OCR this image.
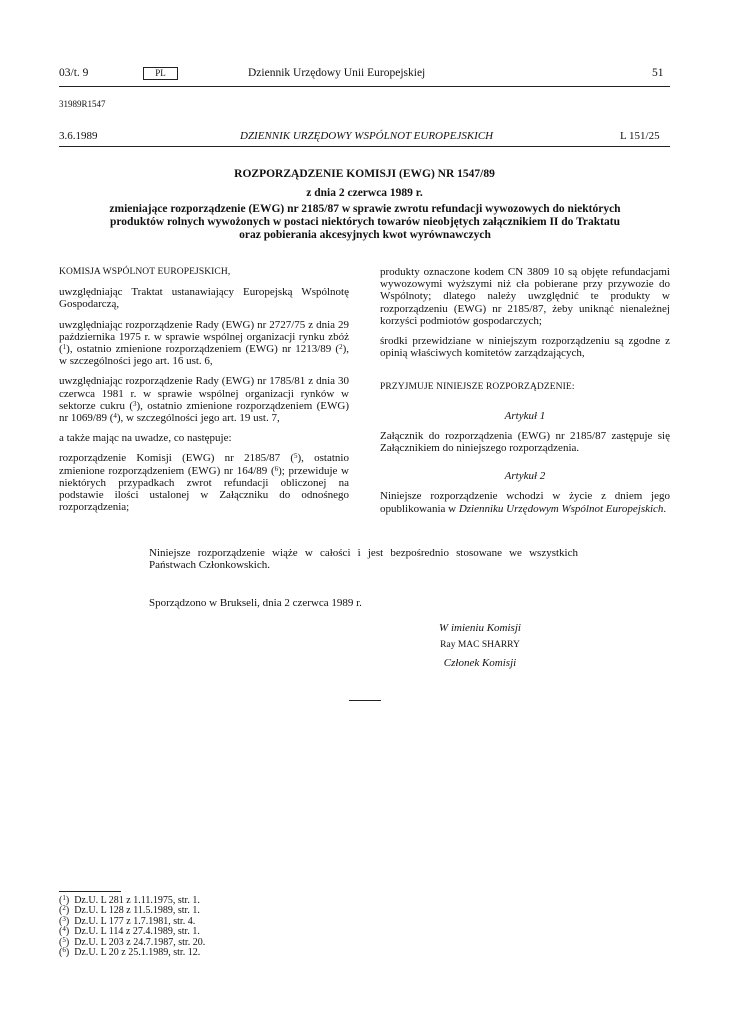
03/t. 9	PL	Dziennik Urzędowy Unii Europejskiej	51
31989R1547
3.6.1989	DZIENNIK URZĘDOWY WSPÓLNOT EUROPEJSKICH	L 151/25
ROZPORZĄDZENIE KOMISJI (EWG) NR 1547/89
z dnia 2 czerwca 1989 r.
zmieniające rozporządzenie (EWG) nr 2185/87 w sprawie zwrotu refundacji wywozowych do niektórych produktów rolnych wywożonych w postaci niektórych towarów nieobjętych załącznikiem II do Traktatu oraz pobierania akcesyjnych kwot wyrównawczych

KOMISJA WSPÓLNOT EUROPEJSKICH,

uwzględniając Traktat ustanawiający Europejską Wspólnotę Gospodarczą,

uwzględniając rozporządzenie Rady (EWG) nr 2727/75 z dnia 29 października 1975 r. w sprawie wspólnej organizacji rynku zbóż ($^1$), ostatnio zmienione rozporządzeniem (EWG) nr 1213/89 ($^2$), w szczególności jego art. 16 ust. 6,

uwzględniając rozporządzenie Rady (EWG) nr 1785/81 z dnia 30 czerwca 1981 r. w sprawie wspólnej organizacji rynków w sektorze cukru ($^3$), ostatnio zmienione rozporządzeniem (EWG) nr 1069/89 ($^4$), w szczególności jego art. 19 ust. 7,

a także mając na uwadze, co następuje:

rozporządzenie Komisji (EWG) nr 2185/87 ($^5$), ostatnio zmienione rozporządzeniem (EWG) nr 164/89 ($^6$); przewiduje w niektórych przypadkach zwrot refundacji obliczonej na podstawie ilości ustalonej w Załączniku do odnośnego rozporządzenia;

produkty oznaczone kodem CN 3809 10 są objęte refundacjami wywozowymi wyższymi niż cła pobierane przy przywozie do Wspólnoty; dlatego należy uwzględnić te produkty w rozporządzeniu (EWG) nr 2185/87, żeby uniknąć nienależnej korzyści podmiotów gospodarczych;

środki przewidziane w niniejszym rozporządzeniu są zgodne z opinią właściwych komitetów zarządzających,

PRZYJMUJE NINIEJSZE ROZPORZĄDZENIE:

Artykuł 1

Załącznik do rozporządzenia (EWG) nr 2185/87 zastępuje się Załącznikiem do niniejszego rozporządzenia.

Artykuł 2

Niniejsze rozporządzenie wchodzi w życie z dniem jego opublikowania w Dzienniku Urzędowym Wspólnot Europejskich.

Niniejsze rozporządzenie wiąże w całości i jest bezpośrednio stosowane we wszystkich Państwach Członkowskich.
Sporządzono w Brukseli, dnia 2 czerwca 1989 r.
W imieniu Komisji
Ray MAC SHARRY
Członek Komisji
($^1$)  Dz.U. L 281 z 1.11.1975, str. 1.
($^2$)  Dz.U. L 128 z 11.5.1989, str. 1.
($^3$)  Dz.U. L 177 z 1.7.1981, str. 4.
($^4$)  Dz.U. L 114 z 27.4.1989, str. 1.
($^5$)  Dz.U. L 203 z 24.7.1987, str. 20.
($^6$)  Dz.U. L 20 z 25.1.1989, str. 12.
